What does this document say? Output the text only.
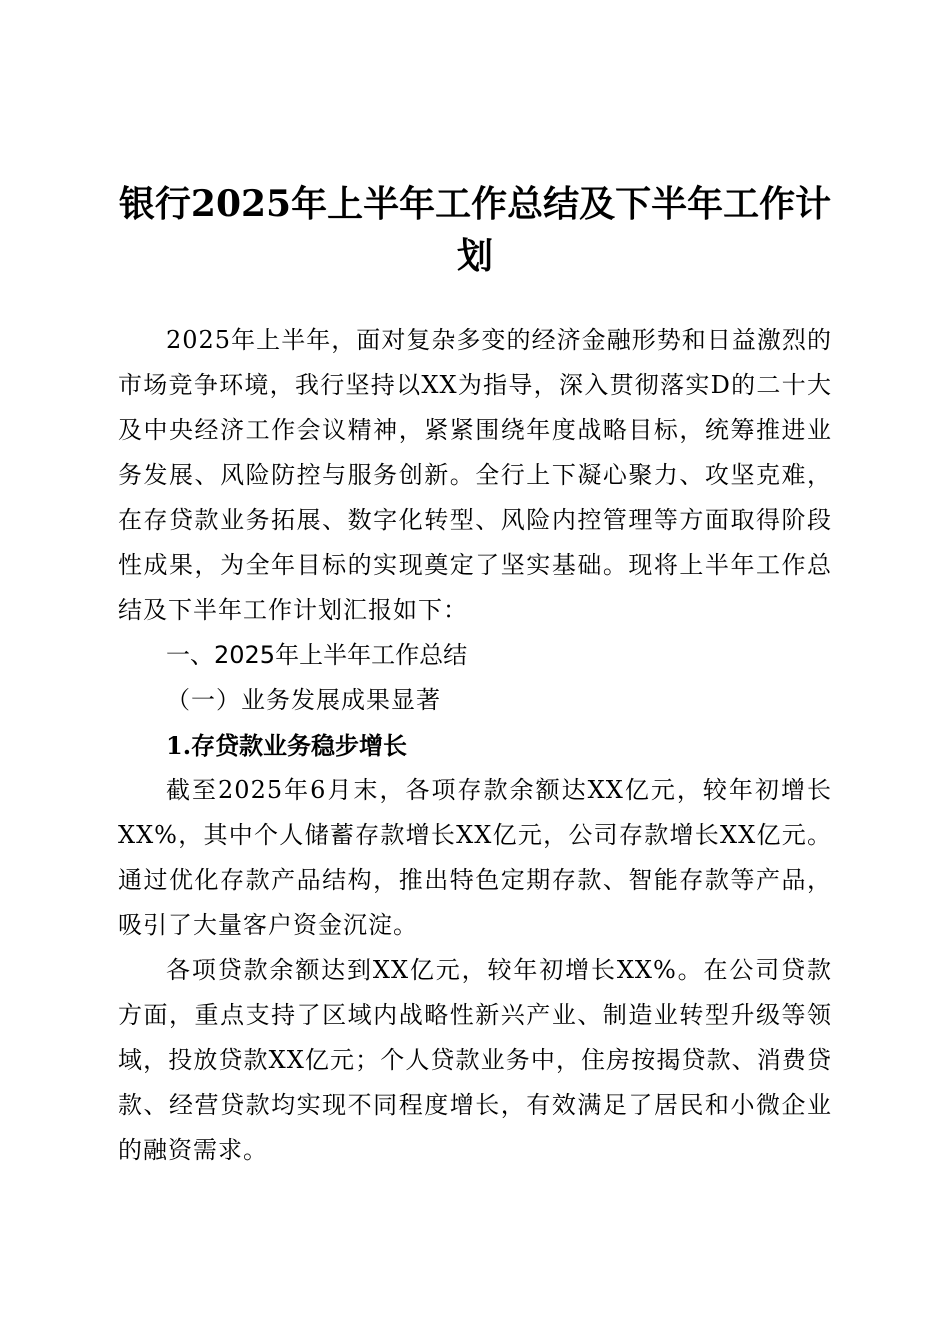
银行2025年上半年工作总结及下半年工作计划

2025年上半年，面对复杂多变的经济金融形势和日益激烈的市场竞争环境，我行坚持以XX为指导，深入贯彻落实D的二十大及中央经济工作会议精神，紧紧围绕年度战略目标，统筹推进业务发展、风险防控与服务创新。全行上下凝心聚力、攻坚克难，在存贷款业务拓展、数字化转型、风险内控管理等方面取得阶段性成果，为全年目标的实现奠定了坚实基础。现将上半年工作总结及下半年工作计划汇报如下：

一、2025年上半年工作总结

（一）业务发展成果显著

1.存贷款业务稳步增长

截至2025年6月末，各项存款余额达XX亿元，较年初增长XX%，其中个人储蓄存款增长XX亿元，公司存款增长XX亿元。通过优化存款产品结构，推出特色定期存款、智能存款等产品，吸引了大量客户资金沉淀。

各项贷款余额达到XX亿元，较年初增长XX%。在公司贷款方面，重点支持了区域内战略性新兴产业、制造业转型升级等领域，投放贷款XX亿元；个人贷款业务中，住房按揭贷款、消费贷款、经营贷款均实现不同程度增长，有效满足了居民和小微企业的融资需求。
